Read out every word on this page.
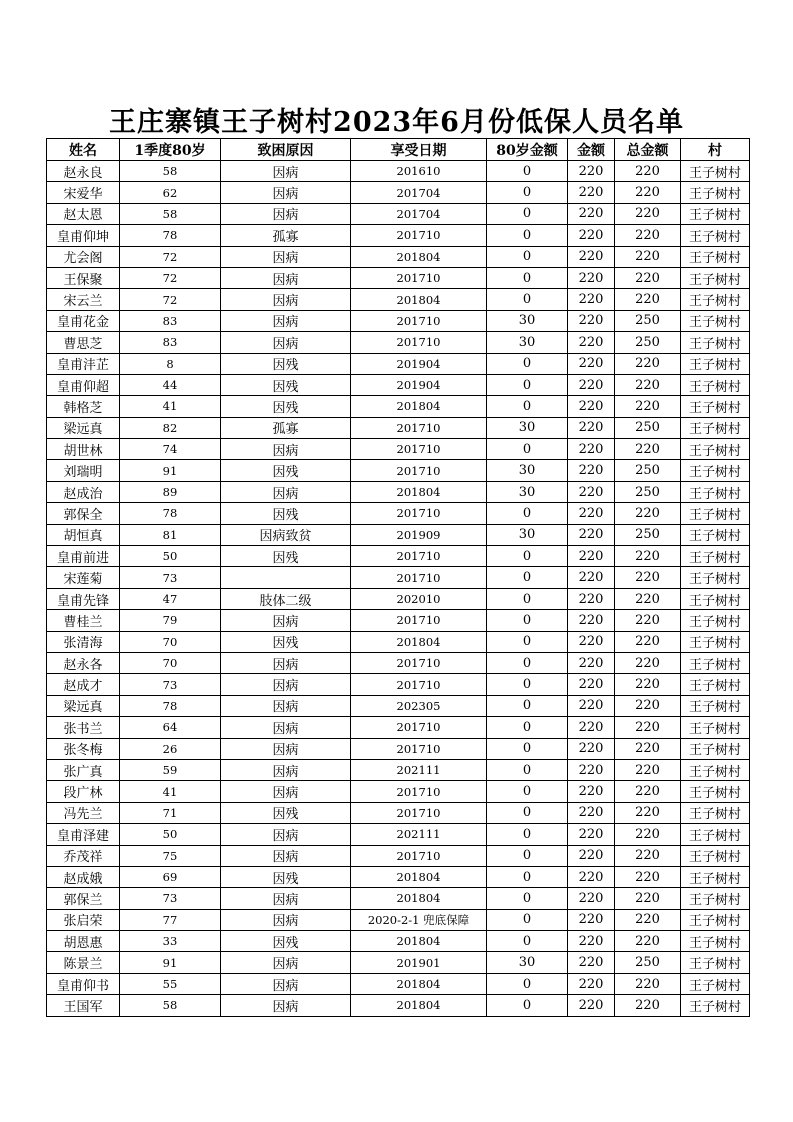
王庄寨镇王子树村2023年6月份低保人员名单
姓名	1季度80岁	致困原因	享受日期	80岁金额	金额	总金额	村
赵永良	58	因病	201610	0	220	220	王子树村
宋爱华	62	因病	201704	0	220	220	王子树村
赵太恩	58	因病	201704	0	220	220	王子树村
皇甫仰坤	78	孤寡	201710	0	220	220	王子树村
尤会阁	72	因病	201804	0	220	220	王子树村
王保聚	72	因病	201710	0	220	220	王子树村
宋云兰	72	因病	201804	0	220	220	王子树村
皇甫花金	83	因病	201710	30	220	250	王子树村
曹思芝	83	因病	201710	30	220	250	王子树村
皇甫沣芷	8	因残	201904	0	220	220	王子树村
皇甫仰超	44	因残	201904	0	220	220	王子树村
韩格芝	41	因残	201804	0	220	220	王子树村
梁远真	82	孤寡	201710	30	220	250	王子树村
胡世林	74	因病	201710	0	220	220	王子树村
刘瑞明	91	因残	201710	30	220	250	王子树村
赵成治	89	因病	201804	30	220	250	王子树村
郭保全	78	因残	201710	0	220	220	王子树村
胡恒真	81	因病致贫	201909	30	220	250	王子树村
皇甫前进	50	因残	201710	0	220	220	王子树村
宋莲菊	73		201710	0	220	220	王子树村
皇甫先锋	47	肢体二级	202010	0	220	220	王子树村
曹桂兰	79	因病	201710	0	220	220	王子树村
张清海	70	因残	201804	0	220	220	王子树村
赵永各	70	因病	201710	0	220	220	王子树村
赵成才	73	因病	201710	0	220	220	王子树村
梁远真	78	因病	202305	0	220	220	王子树村
张书兰	64	因病	201710	0	220	220	王子树村
张冬梅	26	因病	201710	0	220	220	王子树村
张广真	59	因病	202111	0	220	220	王子树村
段广林	41	因病	201710	0	220	220	王子树村
冯先兰	71	因残	201710	0	220	220	王子树村
皇甫泽建	50	因病	202111	0	220	220	王子树村
乔茂祥	75	因病	201710	0	220	220	王子树村
赵成娥	69	因残	201804	0	220	220	王子树村
郭保兰	73	因病	201804	0	220	220	王子树村
张启荣	77	因病	2020-2-1 兜底保障	0	220	220	王子树村
胡恩惠	33	因残	201804	0	220	220	王子树村
陈景兰	91	因病	201901	30	220	250	王子树村
皇甫仰书	55	因病	201804	0	220	220	王子树村
王国军	58	因病	201804	0	220	220	王子树村
